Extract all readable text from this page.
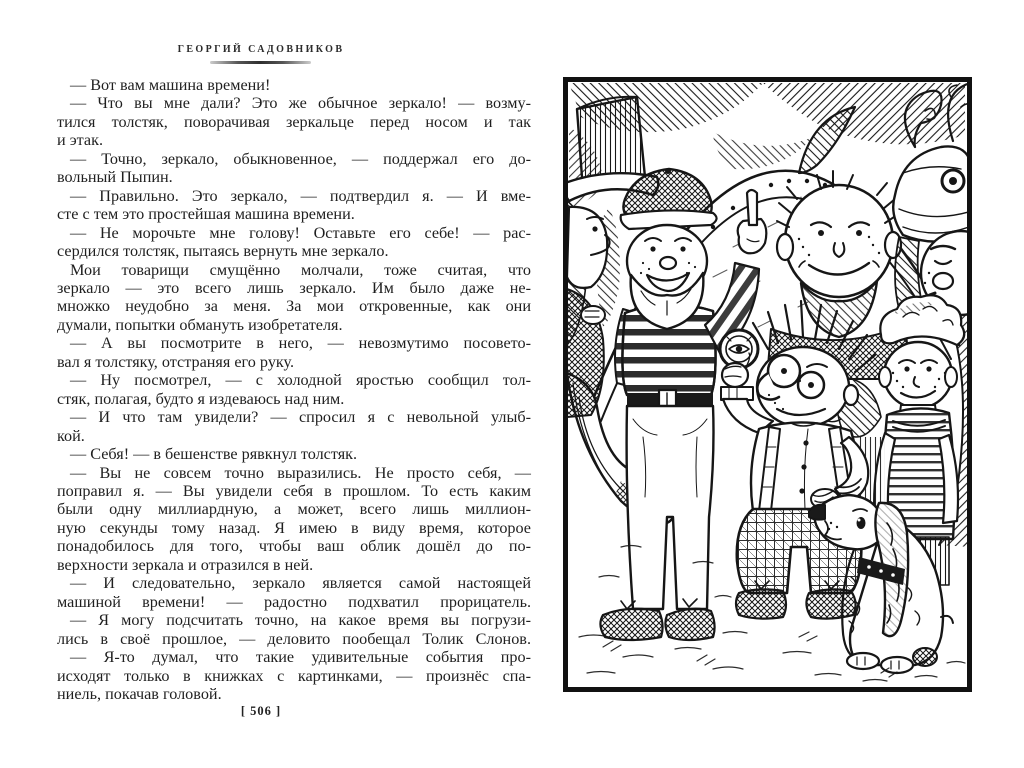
ГЕОРГИЙ САДОВНИКОВ
— Вот вам машина времени!
— Что вы мне дали? Это же обычное зеркало! — возму-
тился толстяк, поворачивая зеркальце перед носом и так
и этак.
— Точно, зеркало, обыкновенное, — поддержал его до-
вольный Пыпин.
— Правильно. Это зеркало, — подтвердил я. — И вме-
сте с тем это простейшая машина времени.
— Не морочьте мне голову! Оставьте его себе! — рас-
сердился толстяк, пытаясь вернуть мне зеркало.
Мои товарищи смущённо молчали, тоже считая, что
зеркало — это всего лишь зеркало. Им было даже не-
множко неудобно за меня. За мои откровенные, как они
думали, попытки обмануть изобретателя.
— А вы посмотрите в него, — невозмутимо посовето-
вал я толстяку, отстраняя его руку.
— Ну посмотрел, — с холодной яростью сообщил тол-
стяк, полагая, будто я издеваюсь над ним.
— И что там увидели? — спросил я с невольной улыб-
кой.
— Себя! — в бешенстве рявкнул толстяк.
— Вы не совсем точно выразились. Не просто себя, —
поправил я. — Вы увидели себя в прошлом. То есть каким
были одну миллиардную, а может, всего лишь миллион-
ную секунды тому назад. Я имею в виду время, которое
понадобилось для того, чтобы ваш облик дошёл до по-
верхности зеркала и отразился в ней.
— И следовательно, зеркало является самой настоящей
машиной времени! — радостно подхватил прорицатель.
— Я могу подсчитать точно, на какое время вы погрузи-
лись в своё прошлое, — деловито пообещал Толик Слонов.
— Я-то думал, что такие удивительные события про-
исходят только в книжках с картинками, — произнёс спа-
ниель, покачав головой.
[ 506 ]
